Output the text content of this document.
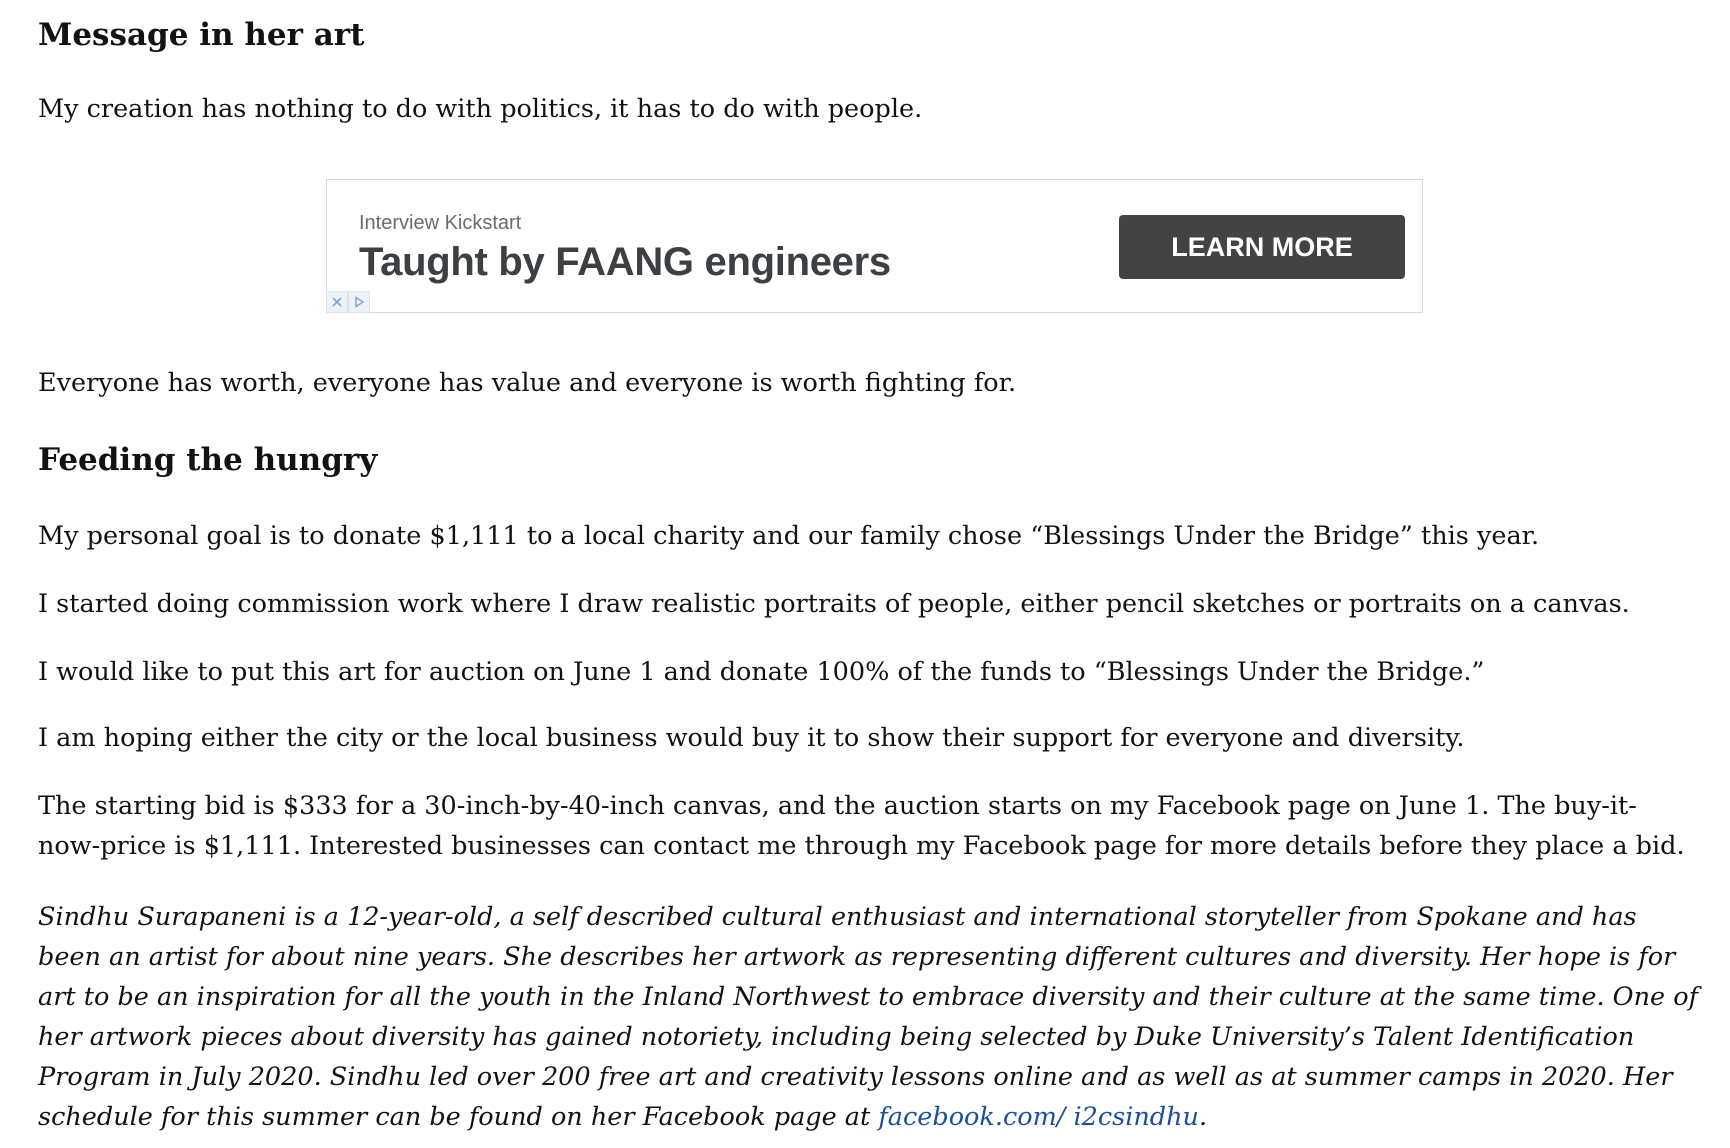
Message in her art

My creation has nothing to do with politics, it has to do with people.

Interview Kickstart
Taught by FAANG engineers	LEARN MORE

Everyone has worth, everyone has value and everyone is worth fighting for.

Feeding the hungry

My personal goal is to donate $1,111 to a local charity and our family chose “Blessings Under the Bridge” this year.

I started doing commission work where I draw realistic portraits of people, either pencil sketches or portraits on a canvas.

I would like to put this art for auction on June 1 and donate 100% of the funds to “Blessings Under the Bridge.”

I am hoping either the city or the local business would buy it to show their support for everyone and diversity.

The starting bid is $333 for a 30-inch-by-40-inch canvas, and the auction starts on my Facebook page on June 1. The buy-it-now-price is $1,111. Interested businesses can contact me through my Facebook page for more details before they place a bid.

Sindhu Surapaneni is a 12-year-old, a self described cultural enthusiast and international storyteller from Spokane and has been an artist for about nine years. She describes her artwork as representing different cultures and diversity. Her hope is for art to be an inspiration for all the youth in the Inland Northwest to embrace diversity and their culture at the same time. One of her artwork pieces about diversity has gained notoriety, including being selected by Duke University’s Talent Identification Program in July 2020. Sindhu led over 200 free art and creativity lessons online and as well as at summer camps in 2020. Her schedule for this summer can be found on her Facebook page at facebook.com/ i2csindhu.
